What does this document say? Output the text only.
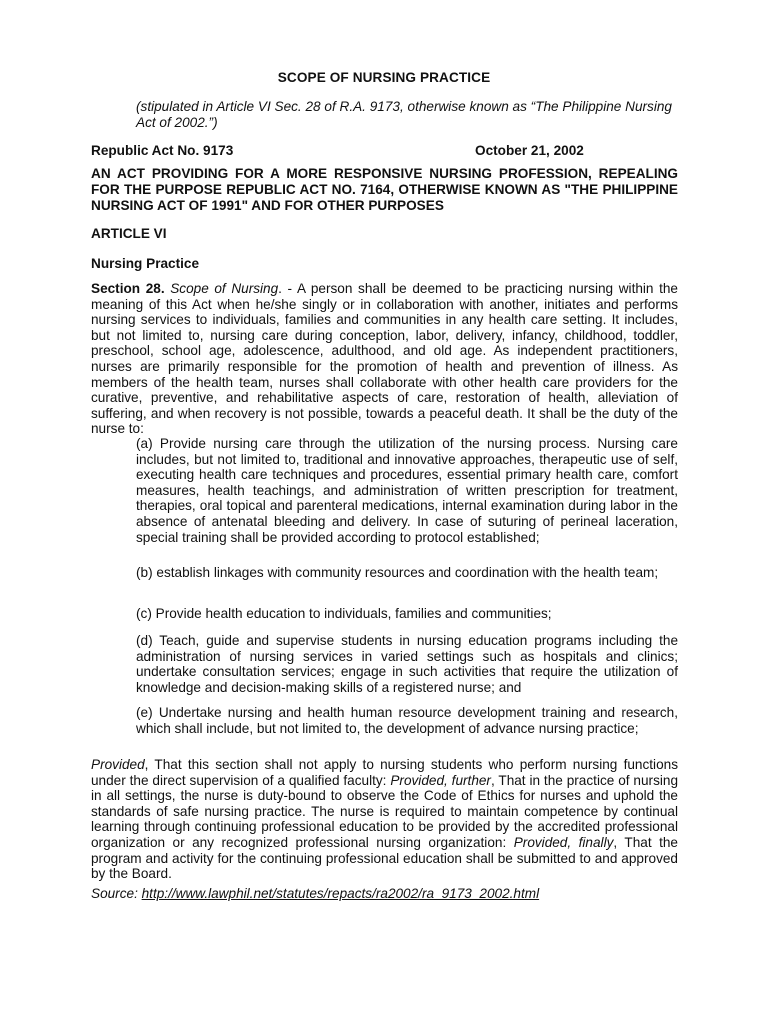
SCOPE OF NURSING PRACTICE

(stipulated in Article VI Sec. 28 of R.A. 9173, otherwise known as “The Philippine Nursing Act of 2002.”)

Republic Act No. 9173	October 21, 2002

AN ACT PROVIDING FOR A MORE RESPONSIVE NURSING PROFESSION, REPEALING FOR THE PURPOSE REPUBLIC ACT NO. 7164, OTHERWISE KNOWN AS "THE PHILIPPINE NURSING ACT OF 1991" AND FOR OTHER PURPOSES

ARTICLE VI

Nursing Practice

Section 28. Scope of Nursing. - A person shall be deemed to be practicing nursing within the meaning of this Act when he/she singly or in collaboration with another, initiates and performs nursing services to individuals, families and communities in any health care setting. It includes, but not limited to, nursing care during conception, labor, delivery, infancy, childhood, toddler, preschool, school age, adolescence, adulthood, and old age. As independent practitioners, nurses are primarily responsible for the promotion of health and prevention of illness. As members of the health team, nurses shall collaborate with other health care providers for the curative, preventive, and rehabilitative aspects of care, restoration of health, alleviation of suffering, and when recovery is not possible, towards a peaceful death. It shall be the duty of the nurse to:

(a) Provide nursing care through the utilization of the nursing process. Nursing care includes, but not limited to, traditional and innovative approaches, therapeutic use of self, executing health care techniques and procedures, essential primary health care, comfort measures, health teachings, and administration of written prescription for treatment, therapies, oral topical and parenteral medications, internal examination during labor in the absence of antenatal bleeding and delivery. In case of suturing of perineal laceration, special training shall be provided according to protocol established;

(b) establish linkages with community resources and coordination with the health team;

(c) Provide health education to individuals, families and communities;

(d) Teach, guide and supervise students in nursing education programs including the administration of nursing services in varied settings such as hospitals and clinics; undertake consultation services; engage in such activities that require the utilization of knowledge and decision-making skills of a registered nurse; and

(e) Undertake nursing and health human resource development training and research, which shall include, but not limited to, the development of advance nursing practice;

Provided, That this section shall not apply to nursing students who perform nursing functions under the direct supervision of a qualified faculty: Provided, further, That in the practice of nursing in all settings, the nurse is duty-bound to observe the Code of Ethics for nurses and uphold the standards of safe nursing practice. The nurse is required to maintain competence by continual learning through continuing professional education to be provided by the accredited professional organization or any recognized professional nursing organization: Provided, finally, That the program and activity for the continuing professional education shall be submitted to and approved by the Board.

Source: http://www.lawphil.net/statutes/repacts/ra2002/ra_9173_2002.html
